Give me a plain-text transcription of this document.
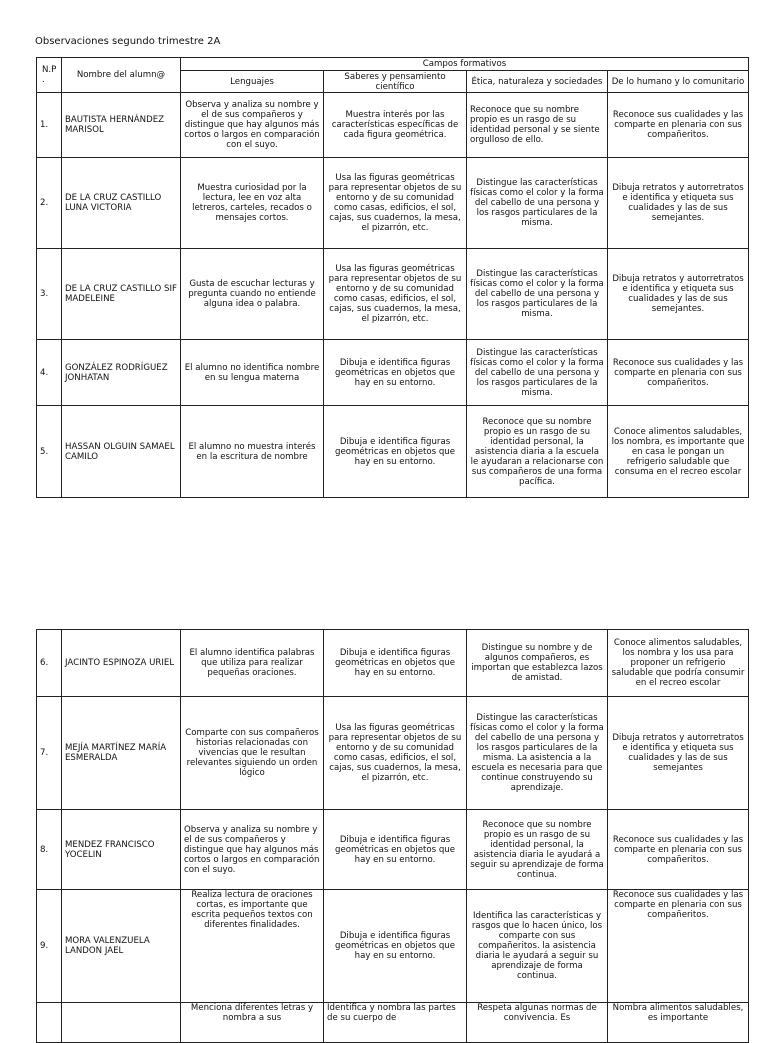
Observaciones segundo trimestre 2A
N.P .	Nombre del alumn@	Campos formativos			
		Lenguajes	Saberes y pensamiento científico	Ética, naturaleza y sociedades	De lo humano y lo comunitario
1.	BAUTISTA HERNÁNDEZ MARISOL	Observa y analiza su nombre y el de sus compañeros y distingue que hay algunos más cortos o largos en comparación con el suyo.	Muestra interés por las características específicas de cada figura geométrica.	Reconoce que su nombre propio es un rasgo de su identidad personal y se siente orgulloso de ello.	Reconoce sus cualidades y las comparte en plenaria con sus compañeritos.
2.	DE LA CRUZ CASTILLO LUNA VICTORIA	Muestra curiosidad por la lectura, lee en voz alta letreros, carteles, recados o mensajes cortos.	Usa las figuras geométricas para representar objetos de su entorno y de su comunidad como casas, edificios, el sol, cajas, sus cuadernos, la mesa, el pizarrón, etc.	Distingue las características físicas como el color y la forma del cabello de una persona y los rasgos particulares de la misma.	Dibuja retratos y autorretratos e identifica y etiqueta sus cualidades y las de sus semejantes.
3.	DE LA CRUZ CASTILLO SIF MADELEINE	Gusta de escuchar lecturas y pregunta cuando no entiende alguna idea o palabra.	Usa las figuras geométricas para representar objetos de su entorno y de su comunidad como casas, edificios, el sol, cajas, sus cuadernos, la mesa, el pizarrón, etc.	Distingue las características físicas como el color y la forma del cabello de una persona y los rasgos particulares de la misma.	Dibuja retratos y autorretratos e identifica y etiqueta sus cualidades y las de sus semejantes.
4.	GONZÁLEZ RODRÍGUEZ JONHATAN	El alumno no identifica nombre en su lengua materna	Dibuja e identifica figuras geométricas en objetos que hay en su entorno.	Distingue las características físicas como el color y la forma del cabello de una persona y los rasgos particulares de la misma.	Reconoce sus cualidades y las comparte en plenaria con sus compañeritos.
5.	HASSAN OLGUIN SAMAEL CAMILO	El alumno no muestra interés en la escritura de nombre	Dibuja e identifica figuras geométricas en objetos que hay en su entorno.	Reconoce que su nombre propio es un rasgo de su identidad personal, la asistencia diaria a la escuela le ayudaran a relacionarse con sus compañeros de una forma pacífica.	Conoce alimentos saludables, los nombra, es importante que en casa le pongan un refrigerio saludable que consuma en el recreo escolar
6.	JACINTO ESPINOZA URIEL	El alumno identifica palabras que utiliza para realizar pequeñas oraciones.	Dibuja e identifica figuras geométricas en objetos que hay en su entorno.	Distingue su nombre y de algunos compañeros, es importan que establezca lazos de amistad.	Conoce alimentos saludables, los nombra y los usa para proponer un refrigerio saludable que podría consumir en el recreo escolar
7.	MEJÍA MARTÍNEZ MARÍA ESMERALDA	Comparte con sus compañeros historias relacionadas con vivencias que le resultan relevantes siguiendo un orden lógico	Usa las figuras geométricas para representar objetos de su entorno y de su comunidad como casas, edificios, el sol, cajas, sus cuadernos, la mesa, el pizarrón, etc.	Distingue las características físicas como el color y la forma del cabello de una persona y los rasgos particulares de la misma. La asistencia a la escuela es necesaria para que continue construyendo su aprendizaje.	Dibuja retratos y autorretratos e identifica y etiqueta sus cualidades y las de sus semejantes
8.	MENDEZ FRANCISCO YOCELIN	Observa y analiza su nombre y el de sus compañeros y distingue que hay algunos más cortos o largos en comparación con el suyo.	Dibuja e identifica figuras geométricas en objetos que hay en su entorno.	Reconoce que su nombre propio es un rasgo de su identidad personal, la asistencia diaria le ayudará a seguir su aprendizaje de forma continua.	Reconoce sus cualidades y las comparte en plenaria con sus compañeritos.
9.	MORA VALENZUELA LANDON JAEL	Realiza lectura de oraciones cortas, es importante que escrita pequeños textos con diferentes finalidades.	Dibuja e identifica figuras geométricas en objetos que hay en su entorno.	Identifica las características y rasgos que lo hacen único, los comparte con sus compañeritos. la asistencia diaria le ayudará a seguir su aprendizaje de forma continua.	Reconoce sus cualidades y las comparte en plenaria con sus compañeritos.
		Menciona diferentes letras y nombra a sus	Identifica y nombra las partes de su cuerpo de	Respeta algunas normas de convivencia. Es	Nombra alimentos saludables, es importante
